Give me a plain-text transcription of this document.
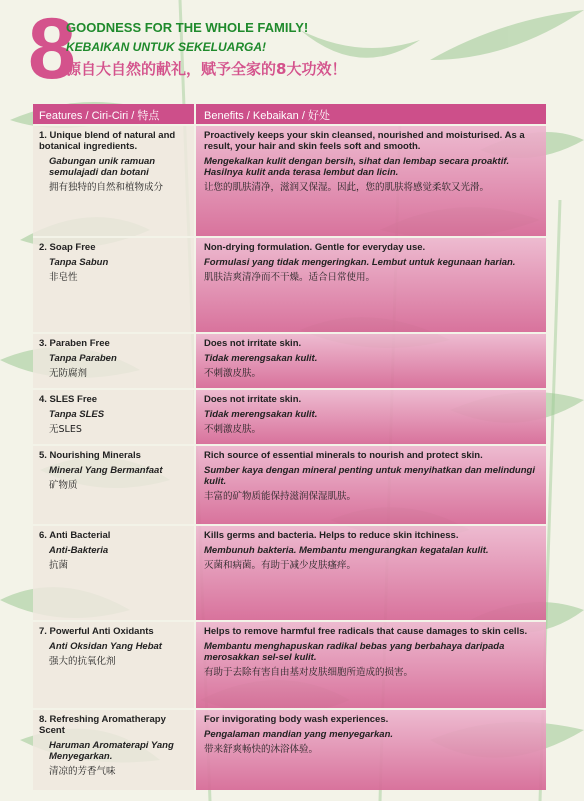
8
GOODNESS FOR THE WHOLE FAMILY!
KEBAIKAN UNTUK SEKELUARGA!
源自大自然的献礼，赋予全家的8大功效！
Features / Ciri-Ciri / 特点	Benefits / Kebaikan / 好处
1. Unique blend of natural and botanical ingredients.
Gabungan unik ramuan semulajadi dan botani
拥有独特的自然和植物成分
Proactively keeps your skin cleansed, nourished and moisturised. As a result, your hair and skin feels soft and smooth.
Mengekalkan kulit dengan bersih, sihat dan lembap secara proaktif. Hasilnya kulit anda terasa lembut dan licin.
让您的肌肤清净，滋润又保湿。因此，您的肌肤将感觉柔软又光滑。
2. Soap Free
Tanpa Sabun
非皂性
Non-drying formulation. Gentle for everyday use.
Formulasi yang tidak mengeringkan. Lembut untuk kegunaan harian.
肌肤洁爽清净而不干燥。适合日常使用。
3. Paraben Free
Tanpa Paraben
无防腐剂
Does not irritate skin.
Tidak merengsakan kulit.
不刺激皮肤。
4. SLES Free
Tanpa SLES
无SLES
Does not irritate skin.
Tidak merengsakan kulit.
不刺激皮肤。
5. Nourishing Minerals
Mineral Yang Bermanfaat
矿物质
Rich source of essential minerals to nourish and protect skin.
Sumber kaya dengan mineral penting untuk menyihatkan dan melindungi kulit.
丰富的矿物质能保持滋润保湿肌肤。
6. Anti Bacterial
Anti-Bakteria
抗菌
Kills germs and bacteria. Helps to reduce skin itchiness.
Membunuh bakteria. Membantu mengurangkan kegatalan kulit.
灭菌和病菌。有助于减少皮肤瘙痒。
7. Powerful Anti Oxidants
Anti Oksidan Yang Hebat
强大的抗氧化剂
Helps to remove harmful free radicals that cause damages to skin cells.
Membantu menghapuskan radikal bebas yang berbahaya daripada merosakkan sel-sel kulit.
有助于去除有害自由基对皮肤细胞所造成的损害。
8. Refreshing Aromatherapy Scent
Haruman Aromaterapi Yang Menyegarkan.
清凉的芳香气味
For invigorating body wash experiences.
Pengalaman mandian yang menyegarkan.
带来舒爽畅快的沐浴体验。
